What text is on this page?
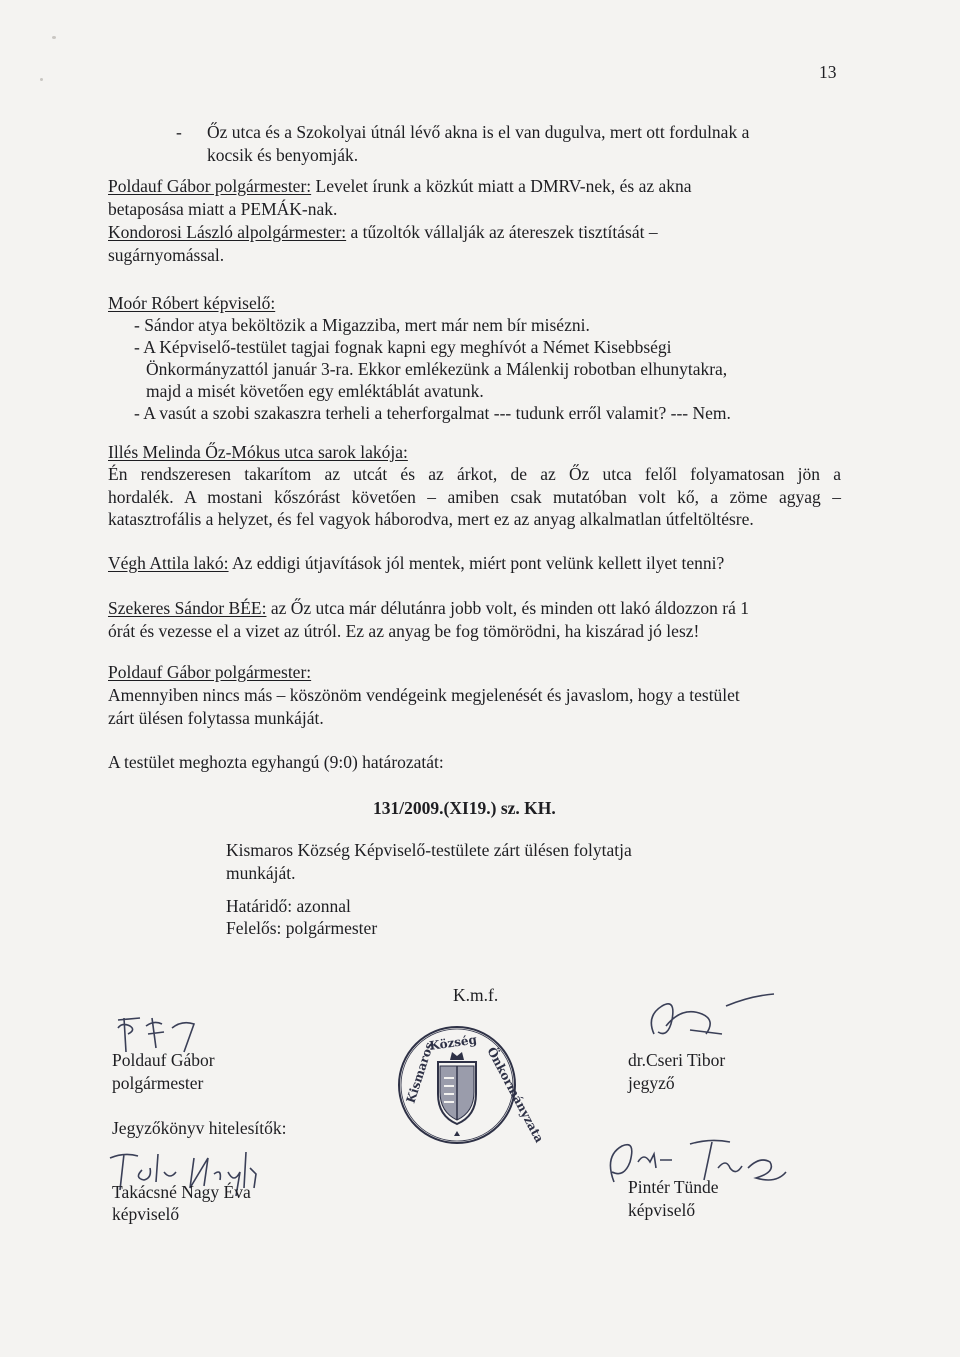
13
- Őz utca és a Szokolyai útnál lévő akna is el van dugulva, mert ott fordulnak a
kocsik és benyomják.
Poldauf Gábor polgármester: Levelet írunk a közkút miatt a DMRV-nek, és az akna
betaposása miatt a PEMÁK-nak.
Kondorosi László alpolgármester: a tűzoltók vállalják az átereszek tisztítását –
sugárnyomással.
Moór Róbert képviselő:
- Sándor atya beköltözik a Migazziba, mert már nem bír misézni.
- A Képviselő-testület tagjai fognak kapni egy meghívót a Német Kisebbségi
Önkormányzattól január 3-ra. Ekkor emlékezünk a Málenkij robotban elhunytakra,
majd a misét követően egy emléktáblát avatunk.
- A vasút a szobi szakaszra terheli a teherforgalmat --- tudunk erről valamit? --- Nem.
Illés Melinda Őz-Mókus utca sarok lakója:
Én rendszeresen takarítom az utcát és az árkot, de az Őz utca felől folyamatosan jön a
hordalék. A mostani kőszórást követően – amiben csak mutatóban volt kő, a zöme agyag –
katasztrofális a helyzet, és fel vagyok háborodva, mert ez az anyag alkalmatlan útfeltöltésre.
Végh Attila lakó: Az eddigi útjavítások jól mentek, miért pont velünk kellett ilyet tenni?
Szekeres Sándor BÉE: az Őz utca már délutánra jobb volt, és minden ott lakó áldozzon rá 1
órát és vezesse el a vizet az útról. Ez az anyag be fog tömörödni, ha kiszárad jó lesz!
Poldauf Gábor polgármester:
Amennyiben nincs más – köszönöm vendégeink megjelenését és javaslom, hogy a testület
zárt ülésen folytassa munkáját.
A testület meghozta egyhangú (9:0) határozatát:
131/2009.(XI19.) sz. KH.
Kismaros Község Képviselő-testülete zárt ülésen folytatja
munkáját.
Határidő: azonnal
Felelős: polgármester
K.m.f.
Poldauf Gábor
polgármester	Kismaros
Község
Önkormányzata	dr.Cseri Tibor
jegyző
Jegyzőkönyv hitelesítők:
Takácsné Nagy Éva
képviselő
Pintér Tünde
képviselő
